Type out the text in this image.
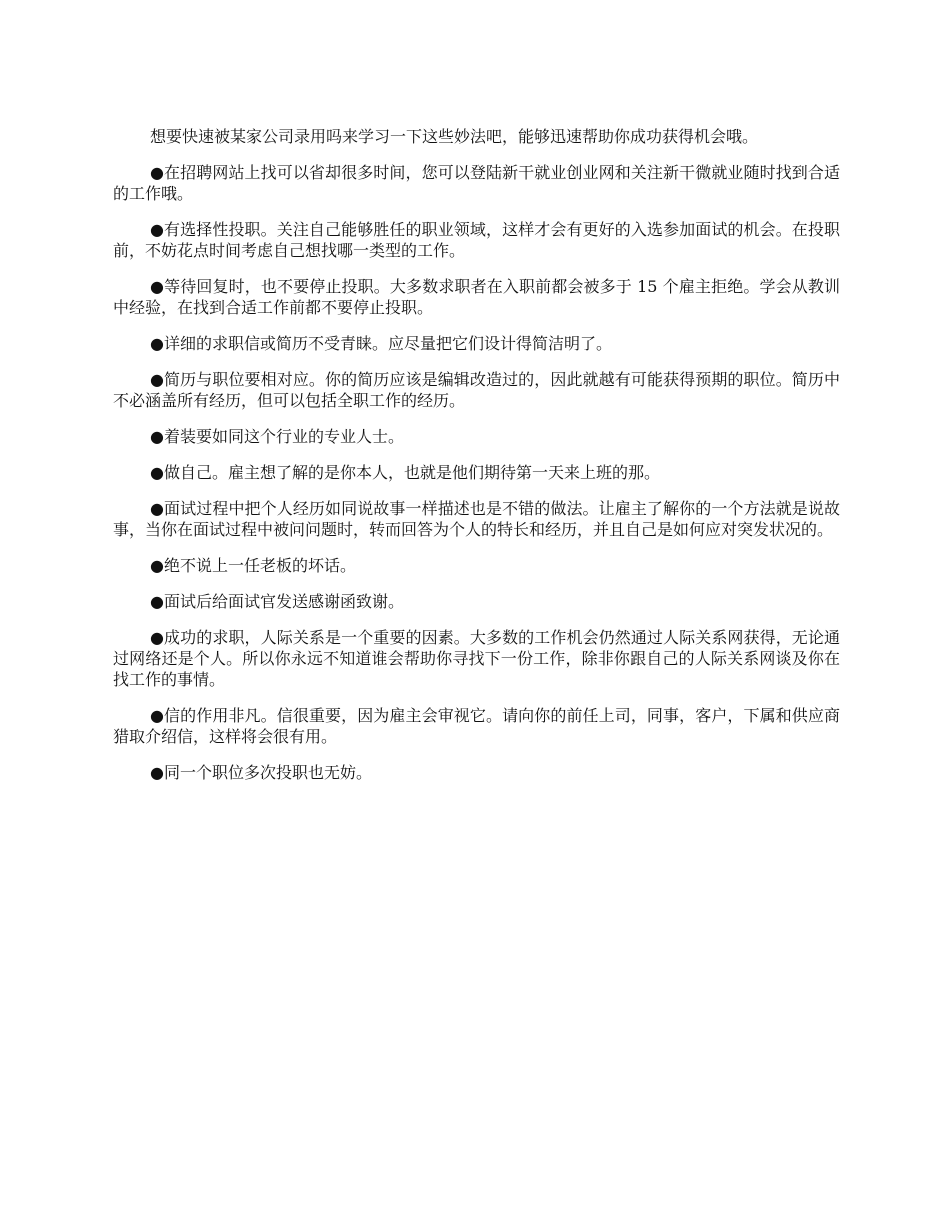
想要快速被某家公司录用吗来学习一下这些妙法吧，能够迅速帮助你成功获得机会哦。

●在招聘网站上找可以省却很多时间，您可以登陆新干就业创业网和关注新干微就业随时找到合适的工作哦。

●有选择性投职。关注自己能够胜任的职业领域，这样才会有更好的入选参加面试的机会。在投职前，不妨花点时间考虑自己想找哪一类型的工作。

●等待回复时，也不要停止投职。大多数求职者在入职前都会被多于 15 个雇主拒绝。学会从教训中经验，在找到合适工作前都不要停止投职。

●详细的求职信或简历不受青睐。应尽量把它们设计得简洁明了。

●简历与职位要相对应。你的简历应该是编辑改造过的，因此就越有可能获得预期的职位。简历中不必涵盖所有经历，但可以包括全职工作的经历。

●着装要如同这个行业的专业人士。

●做自己。雇主想了解的是你本人，也就是他们期待第一天来上班的那。

●面试过程中把个人经历如同说故事一样描述也是不错的做法。让雇主了解你的一个方法就是说故事，当你在面试过程中被问问题时，转而回答为个人的特长和经历，并且自己是如何应对突发状况的。

●绝不说上一任老板的坏话。

●面试后给面试官发送感谢函致谢。

●成功的求职，人际关系是一个重要的因素。大多数的工作机会仍然通过人际关系网获得，无论通过网络还是个人。所以你永远不知道谁会帮助你寻找下一份工作，除非你跟自己的人际关系网谈及你在找工作的事情。

●信的作用非凡。信很重要，因为雇主会审视它。请向你的前任上司，同事，客户，下属和供应商猎取介绍信，这样将会很有用。

●同一个职位多次投职也无妨。
